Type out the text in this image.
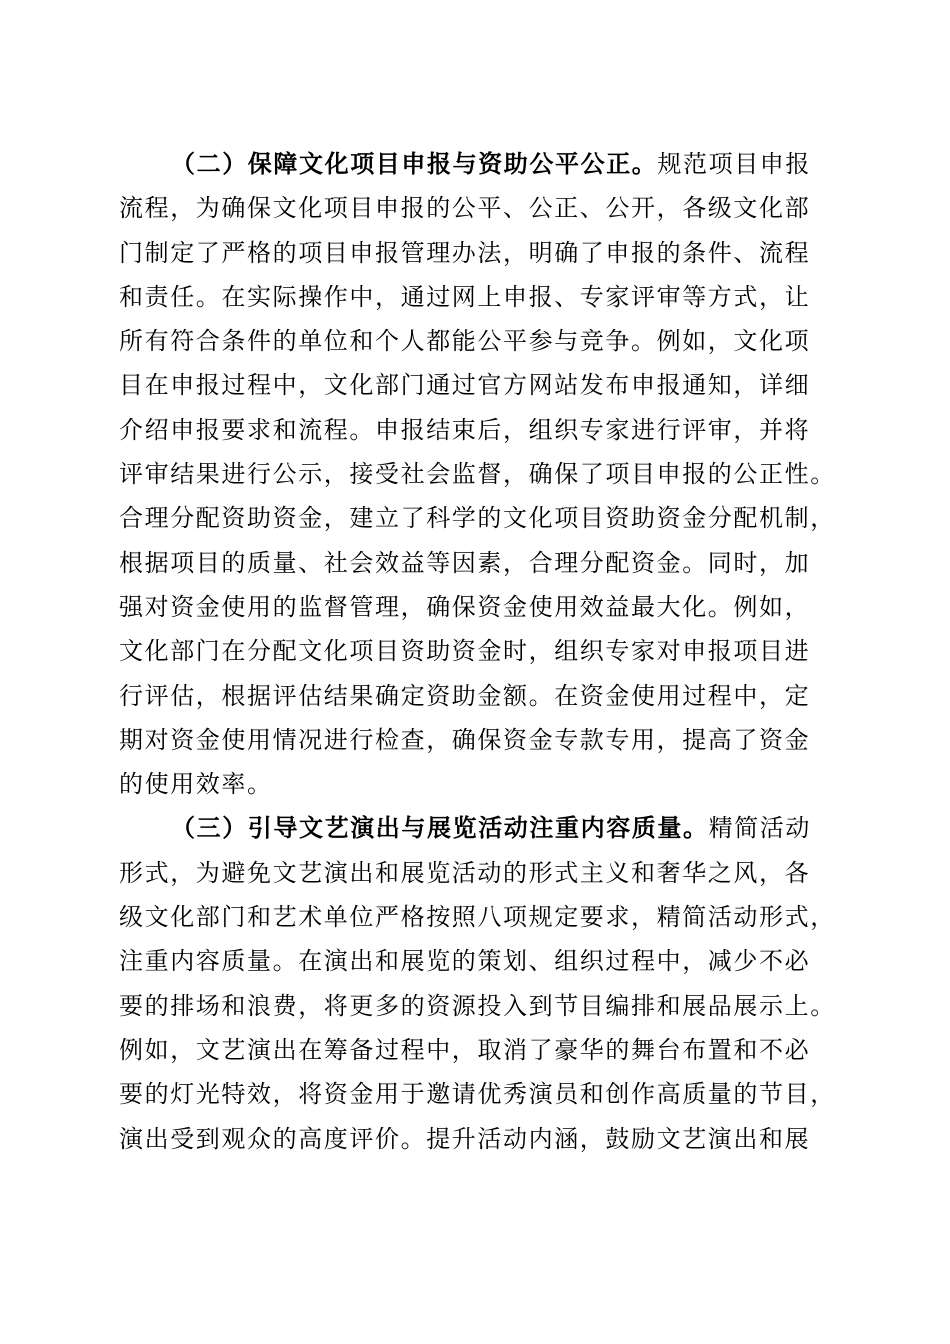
（二）保障文化项目申报与资助公平公正。规范项目申报
流程，为确保文化项目申报的公平、公正、公开，各级文化部
门制定了严格的项目申报管理办法，明确了申报的条件、流程
和责任。在实际操作中，通过网上申报、专家评审等方式，让
所有符合条件的单位和个人都能公平参与竞争。例如，文化项
目在申报过程中，文化部门通过官方网站发布申报通知，详细
介绍申报要求和流程。申报结束后，组织专家进行评审，并将
评审结果进行公示，接受社会监督，确保了项目申报的公正性。
合理分配资助资金，建立了科学的文化项目资助资金分配机制，
根据项目的质量、社会效益等因素，合理分配资金。同时，加
强对资金使用的监督管理，确保资金使用效益最大化。例如，
文化部门在分配文化项目资助资金时，组织专家对申报项目进
行评估，根据评估结果确定资助金额。在资金使用过程中，定
期对资金使用情况进行检查，确保资金专款专用，提高了资金
的使用效率。
（三）引导文艺演出与展览活动注重内容质量。精简活动
形式，为避免文艺演出和展览活动的形式主义和奢华之风，各
级文化部门和艺术单位严格按照八项规定要求，精简活动形式，
注重内容质量。在演出和展览的策划、组织过程中，减少不必
要的排场和浪费，将更多的资源投入到节目编排和展品展示上。
例如，文艺演出在筹备过程中，取消了豪华的舞台布置和不必
要的灯光特效，将资金用于邀请优秀演员和创作高质量的节目，
演出受到观众的高度评价。提升活动内涵，鼓励文艺演出和展
